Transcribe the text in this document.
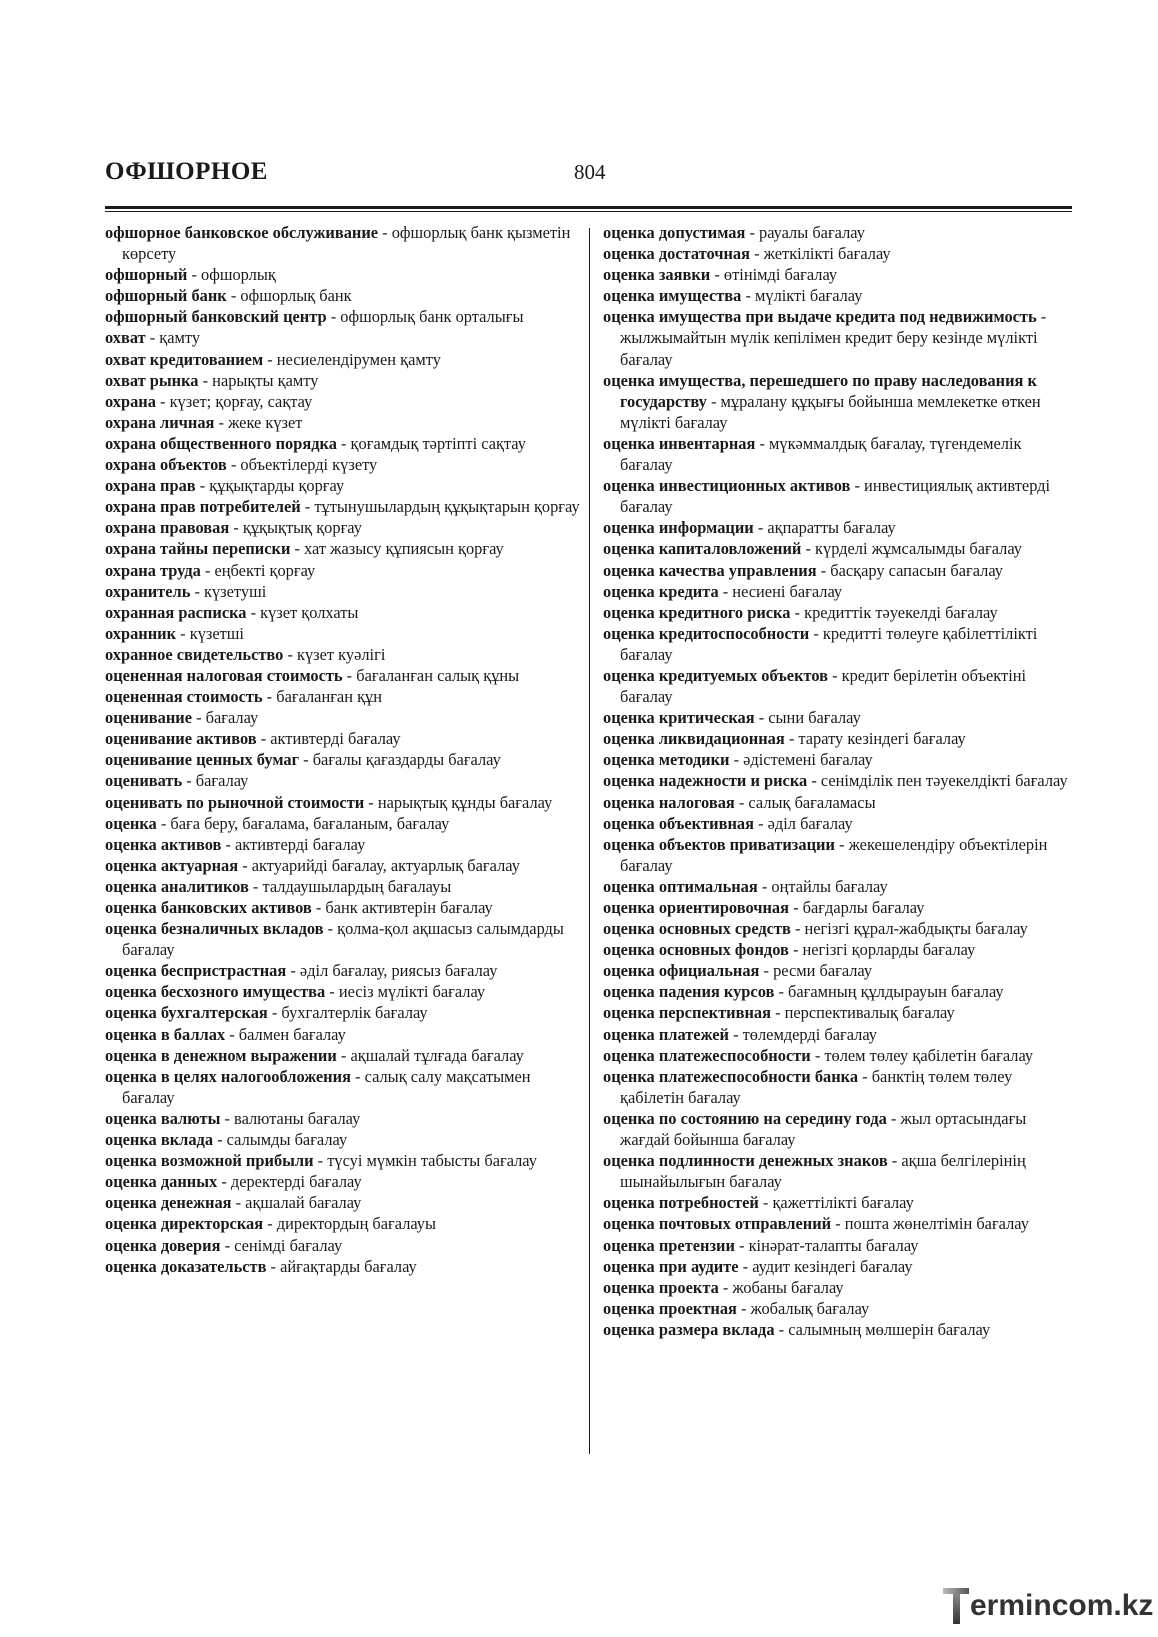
ОФШОРНОЕ	804

офшорное банковское обслуживание - офшорлық банк қызметін көрсету

офшорный - офшорлық

офшорный банк - офшорлық банк

офшорный банковский центр - офшорлық банк орталығы

охват - қамту

охват кредитованием - несиелендірумен қамту

охват рынка - нарықты қамту

охрана - күзет; қорғау, сақтау

охрана личная - жеке күзет

охрана общественного порядка - қоғамдық тәртіпті сақтау

охрана объектов - объектілерді күзету

охрана прав - құқықтарды қорғау

охрана прав потребителей - тұтынушылардың құқықтарын қорғау

охрана правовая - құқықтық қорғау

охрана тайны переписки - хат жазысу құпиясын қорғау

охрана труда - еңбекті қорғау

охранитель - күзетуші

охранная расписка - күзет қолхаты

охранник - күзетші

охранное свидетельство - күзет куәлігі

оцененная налоговая стоимость - бағаланған салық құны

оцененная стоимость - бағаланған құн

оценивание - бағалау

оценивание активов - активтерді бағалау

оценивание ценных бумаг - бағалы қағаздарды бағалау

оценивать - бағалау

оценивать по рыночной стоимости - нарықтық құнды бағалау

оценка - баға беру, бағалама, бағаланым, бағалау

оценка активов - активтерді бағалау

оценка актуарная - актуарийді бағалау, актуарлық бағалау

оценка аналитиков - талдаушылардың бағалауы

оценка банковских активов - банк активтерін бағалау

оценка безналичных вкладов - қолма-қол ақшасыз салымдарды бағалау

оценка беспристрастная - әділ бағалау, риясыз бағалау

оценка бесхозного имущества - иесіз мүлікті бағалау

оценка бухгалтерская - бухгалтерлік бағалау

оценка в баллах - балмен бағалау

оценка в денежном выражении - ақшалай тұлғада бағалау

оценка в целях налогообложения - салық салу мақсатымен бағалау

оценка валюты - валютаны бағалау

оценка вклада - салымды бағалау

оценка возможной прибыли - түсуі мүмкін табысты бағалау

оценка данных - деректерді бағалау

оценка денежная - ақшалай бағалау

оценка директорская - директордың бағалауы

оценка доверия - сенімді бағалау

оценка доказательств - айғақтарды бағалау

оценка допустимая - рауалы бағалау

оценка достаточная - жеткілікті бағалау

оценка заявки - өтінімді бағалау

оценка имущества - мүлікті бағалау

оценка имущества при выдаче кредита под недвижимость - жылжымайтын мүлік кепілімен кредит беру кезінде мүлікті бағалау

оценка имущества, перешедшего по праву наследования к государству - мұралану құқығы бойынша мемлекетке өткен мүлікті бағалау

оценка инвентарная - мүкәммалдық бағалау, түгендемелік бағалау

оценка инвестиционных активов - инвестициялық активтерді бағалау

оценка информации - ақпаратты бағалау

оценка капиталовложений - күрделі жұмсалымды бағалау

оценка качества управления - басқару сапасын бағалау

оценка кредита - несиені бағалау

оценка кредитного риска - кредиттік тәуекелді бағалау

оценка кредитоспособности - кредитті төлеуге қабілеттілікті бағалау

оценка кредитуемых объектов - кредит берілетін объектіні бағалау

оценка критическая - сыни бағалау

оценка ликвидационная - тарату кезіндегі бағалау

оценка методики - әдістемені бағалау

оценка надежности и риска - сенімділік пен тәуекелдікті бағалау

оценка налоговая - салық бағаламасы

оценка объективная - әділ бағалау

оценка объектов приватизации - жекешелендіру объектілерін бағалау

оценка оптимальная - оңтайлы бағалау

оценка ориентировочная - бағдарлы бағалау

оценка основных средств - негізгі құрал-жабдықты бағалау

оценка основных фондов - негізгі қорларды бағалау

оценка официальная - ресми бағалау

оценка падения курсов - бағамның құлдырауын бағалау

оценка перспективная - перспективалық бағалау

оценка платежей - төлемдерді бағалау

оценка платежеспособности - төлем төлеу қабілетін бағалау

оценка платежеспособности банка - банктің төлем төлеу қабілетін бағалау

оценка по состоянию на середину года - жыл ортасындағы жағдай бойынша бағалау

оценка подлинности денежных знаков - ақша белгілерінің шынайылығын бағалау

оценка потребностей - қажеттілікті бағалау

оценка почтовых отправлений - пошта жөнелтімін бағалау

оценка претензии - кінәрат-талапты бағалау

оценка при аудите - аудит кезіндегі бағалау

оценка проекта - жобаны бағалау

оценка проектная - жобалық бағалау

оценка размера вклада - салымның мөлшерін бағалау

ermincom.kz
